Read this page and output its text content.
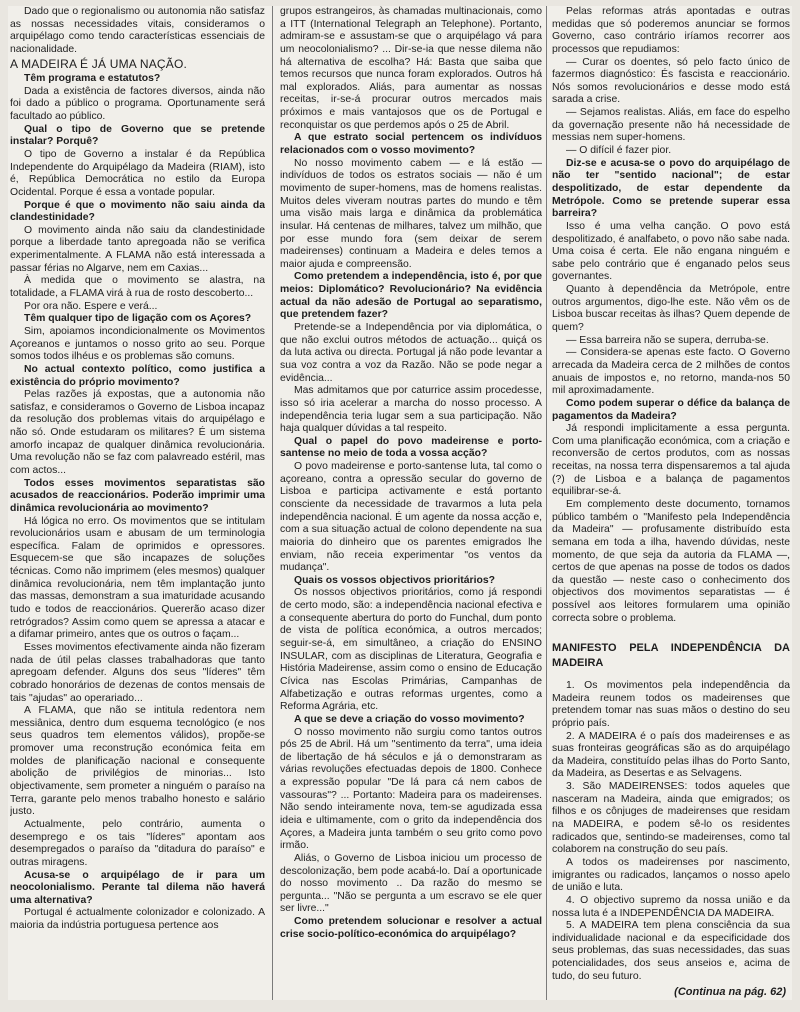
Dado que o regionalismo ou autonomia não satisfaz as nossas necessidades vitais, consideramos o arquipélago como tendo características essenciais de nacionalidade.

A MADEIRA É JÁ UMA NAÇÃO.

Têm programa e estatutos?

Dada a existência de factores diversos, ainda não foi dado a público o programa. Oportunamente será facultado ao público.

Qual o tipo de Governo que se pretende instalar? Porquê?

O tipo de Governo a instalar é da República Independente do Arquipélago da Madeira (RIAM), isto é, República Democrática no estilo da Europa Ocidental. Porque é essa a vontade popular.

Porque é que o movimento não saiu ainda da clandestinidade?

O movimento ainda não saiu da clandestinidade porque a liberdade tanto apregoada não se verifica experimentalmente. A FLAMA não está interessada a passar férias no Algarve, nem em Caxias...

À medida que o movimento se alastra, na totalidade, a FLAMA virá à rua de rosto descoberto...

Por ora não. Espere e verá...

Têm qualquer tipo de ligação com os Açores?

Sim, apoiamos incondicionalmente os Movimentos Açoreanos e juntamos o nosso grito ao seu. Porque somos todos ilhéus e os problemas são comuns.

No actual contexto político, como justifica a existência do próprio movimento?

Pelas razões já expostas, que a autonomia não satisfaz, e consideramos o Governo de Lisboa incapaz da resolução dos problemas vitais do arquipélago e não só. Onde estudaram os militares? É um sistema amorfo incapaz de qualquer dinâmica revolucionária. Uma revolução não se faz com palavreado estéril, mas com actos...

Todos esses movimentos separatistas são acusados de reaccionários. Poderão imprimir uma dinâmica revolucionária ao movimento?

Há lógica no erro. Os movimentos que se intitulam revolucionários usam e abusam de um terminologia específica. Falam de oprimidos e opressores. Esquecem-se que são incapazes de soluções técnicas. Como não imprimem (eles mesmos) qualquer dinâmica revolucionária, nem têm implantação junto das massas, demonstram a sua imaturidade acusando tudo e todos de reaccionários. Quererão acaso dizer retrógrados? Assim como quem se apressa a atacar e a difamar primeiro, antes que os outros o façam...

Esses movimentos efectivamente ainda não fizeram nada de útil pelas classes trabalhadoras que tanto apregoam defender. Alguns dos seus "líderes" têm cobrado honorários de dezenas de contos mensais de tais "ajudas" ao operariado...

A FLAMA, que não se intitula redentora nem messiânica, dentro dum esquema tecnológico (e nos seus quadros tem elementos válidos), propõe-se promover uma reconstrução económica feita em moldes de planificação nacional e consequente abolição de privilégios de minorias... Isto objectivamente, sem prometer a ninguém o paraíso na Terra, garante pelo menos trabalho honesto e salário justo.

Actualmente, pelo contrário, aumenta o desemprego e os tais "líderes" apontam aos desempregados o paraíso da "ditadura do paraíso" e outras miragens.

Acusa-se o arquipélago de ir para um neocolonialismo. Perante tal dilema não haverá uma alternativa?

Portugal é actualmente colonizador e colonizado. A maioria da indústria portuguesa pertence aos

grupos estrangeiros, às chamadas multinacionais, como a ITT (International Telegraph an Telephone). Portanto, admiram-se e assustam-se que o arquipélago vá para um neocolonialismo? ... Dir-se-ia que nesse dilema não há alternativa de escolha? Há: Basta que saiba que temos recursos que nunca foram explorados. Outros há mal explorados. Aliás, para aumentar as nossas receitas, ir-se-á procurar outros mercados mais próximos e mais vantajosos que os de Portugal e reconquistar os que perdemos após o 25 de Abril.

A que estrato social pertencem os indivíduos relacionados com o vosso movimento?

No nosso movimento cabem — e lá estão — indivíduos de todos os estratos sociais — não é um movimento de super-homens, mas de homens realistas. Muitos deles viveram noutras partes do mundo e têm uma visão mais larga e dinâmica da problemática insular. Há centenas de milhares, talvez um milhão, que por esse mundo fora (sem deixar de serem madeirenses) continuam a Madeira e deles temos a maior ajuda e compreensão.

Como pretendem a independência, isto é, por que meios: Diplomático? Revolucionário? Na evidência actual da não adesão de Portugal ao separatismo, que pretendem fazer?

Pretende-se a Independência por via diplomática, o que não exclui outros métodos de actuação... quiçá os da luta activa ou directa. Portugal já não pode levantar a sua voz contra a voz da Razão. Não se pode negar a evidência...

Mas admitamos que por caturrice assim procedesse, isso só iria acelerar a marcha do nosso processo. A independência teria lugar sem a sua participação. Não haja qualquer dúvidas a tal respeito.

Qual o papel do povo madeirense e porto-santense no meio de toda a vossa acção?

O povo madeirense e porto-santense luta, tal como o açoreano, contra a opressão secular do governo de Lisboa e participa activamente e está portanto consciente da necessidade de travarmos a luta pela independência nacional. É um agente da nossa acção e, com a sua situação actual de colono dependente na sua maioria do dinheiro que os parentes emigrados lhe enviam, não receia experimentar "os ventos da mudança".

Quais os vossos objectivos prioritários?

Os nossos objectivos prioritários, como já respondi de certo modo, são: a independência nacional efectiva e a consequente abertura do porto do Funchal, dum ponto de vista de política económica, a outros mercados; seguir-se-á, em simultâneo, a criação do ENSINO INSULAR, com as disciplinas de Literatura, Geografia e História Madeirense, assim como o ensino de Educação Cívica nas Escolas Primárias, Campanhas de Alfabetização e outras reformas urgentes, como a Reforma Agrária, etc.

A que se deve a criação do vosso movimento?

O nosso movimento não surgiu como tantos outros pós 25 de Abril. Há um "sentimento da terra", uma ideia de libertação de há séculos e já o demonstraram as várias revoluções efectuadas depois de 1800. Conhece a expressão popular "De lá para cá nem cabos de vassouras"? ... Portanto: Madeira para os madeirenses. Não sendo inteiramente nova, tem-se agudizada essa ideia e ultimamente, com o grito da independência dos Açores, a Madeira junta também o seu grito como povo irmão.

Aliás, o Governo de Lisboa iniciou um processo de descolonização, bem pode acabá-lo. Daí a oportunicade do nosso movimento .. Da razão do mesmo se pergunta... "Não se pergunta a um escravo se ele quer ser livre..."

Como pretendem solucionar e resolver a actual crise socio-político-económica do arquipélago?

Pelas reformas atrás apontadas e outras medidas que só poderemos anunciar se formos Governo, caso contrário iríamos recorrer aos processos que repudiamos:

— Curar os doentes, só pelo facto único de fazermos diagnóstico: És fascista e reaccionário. Nós somos revolucionários e desse modo está sarada a crise.

— Sejamos realistas. Aliás, em face do espelho da governação presente não há necessidade de messias nem super-homens.

— O difícil é fazer pior.

Diz-se e acusa-se o povo do arquipélago de não ter "sentido nacional"; de estar despolitizado, de estar dependente da Metrópole. Como se pretende superar essa barreira?

Isso é uma velha canção. O povo está despolitizado, é analfabeto, o povo não sabe nada. Uma coisa é certa. Ele não engana ninguém e sabe pelo contrário que é enganado pelos seus governantes.

Quanto à dependência da Metrópole, entre outros argumentos, digo-lhe este. Não vêm os de Lisboa buscar receitas às ilhas? Quem depende de quem?

— Essa barreira não se supera, derruba-se.

— Considera-se apenas este facto. O Governo arrecada da Madeira cerca de 2 milhões de contos anuais de impostos e, no retorno, manda-nos 50 mil aproximadamente.

Como podem superar o défice da balança de pagamentos da Madeira?

Já respondi implicitamente a essa pergunta. Com uma planificação económica, com a criação e reconversão de certos produtos, com as nossas receitas, na nossa terra dispensaremos a tal ajuda (?) de Lisboa e a balança de pagamentos equilibrar-se-á.

Em complemento deste documento, tornamos público também o "Manifesto pela Independência da Madeira" — profusamente distribuído esta semana em toda a ilha, havendo dúvidas, neste momento, de que seja da autoria da FLAMA —, certos de que apenas na posse de todos os dados da questão — neste caso o conhecimento dos objectivos dos movimentos separatistas — é possível aos leitores formularem uma opinião correcta sobre o problema.

MANIFESTO PELA INDEPENDÊNCIA DA MADEIRA

1. Os movimentos pela independência da Madeira reunem todos os madeirenses que pretendem tomar nas suas mãos o destino do seu próprio país.

2. A MADEIRA é o país dos madeirenses e as suas fronteiras geográficas são as do arquipélago da Madeira, constituído pelas ilhas do Porto Santo, da Madeira, as Desertas e as Selvagens.

3. São MADEIRENSES: todos aqueles que nasceram na Madeira, ainda que emigrados; os filhos e os cônjuges de madeirenses que residam na MADEIRA, e podem sê-lo os residentes radicados que, sentindo-se madeirenses, como tal colaborem na construção do seu país.

A todos os madeirenses por nascimento, imigrantes ou radicados, lançamos o nosso apelo de união e luta.

4. O objectivo supremo da nossa união e da nossa luta é a INDEPENDÊNCIA DA MADEIRA.

5. A MADEIRA tem plena consciência da sua individualidade nacional e da especificidade dos seus problemas, das suas necessidades, das suas potencialidades, dos seus anseios e, acima de tudo, do seu futuro.

(Continua na pág. 62)
